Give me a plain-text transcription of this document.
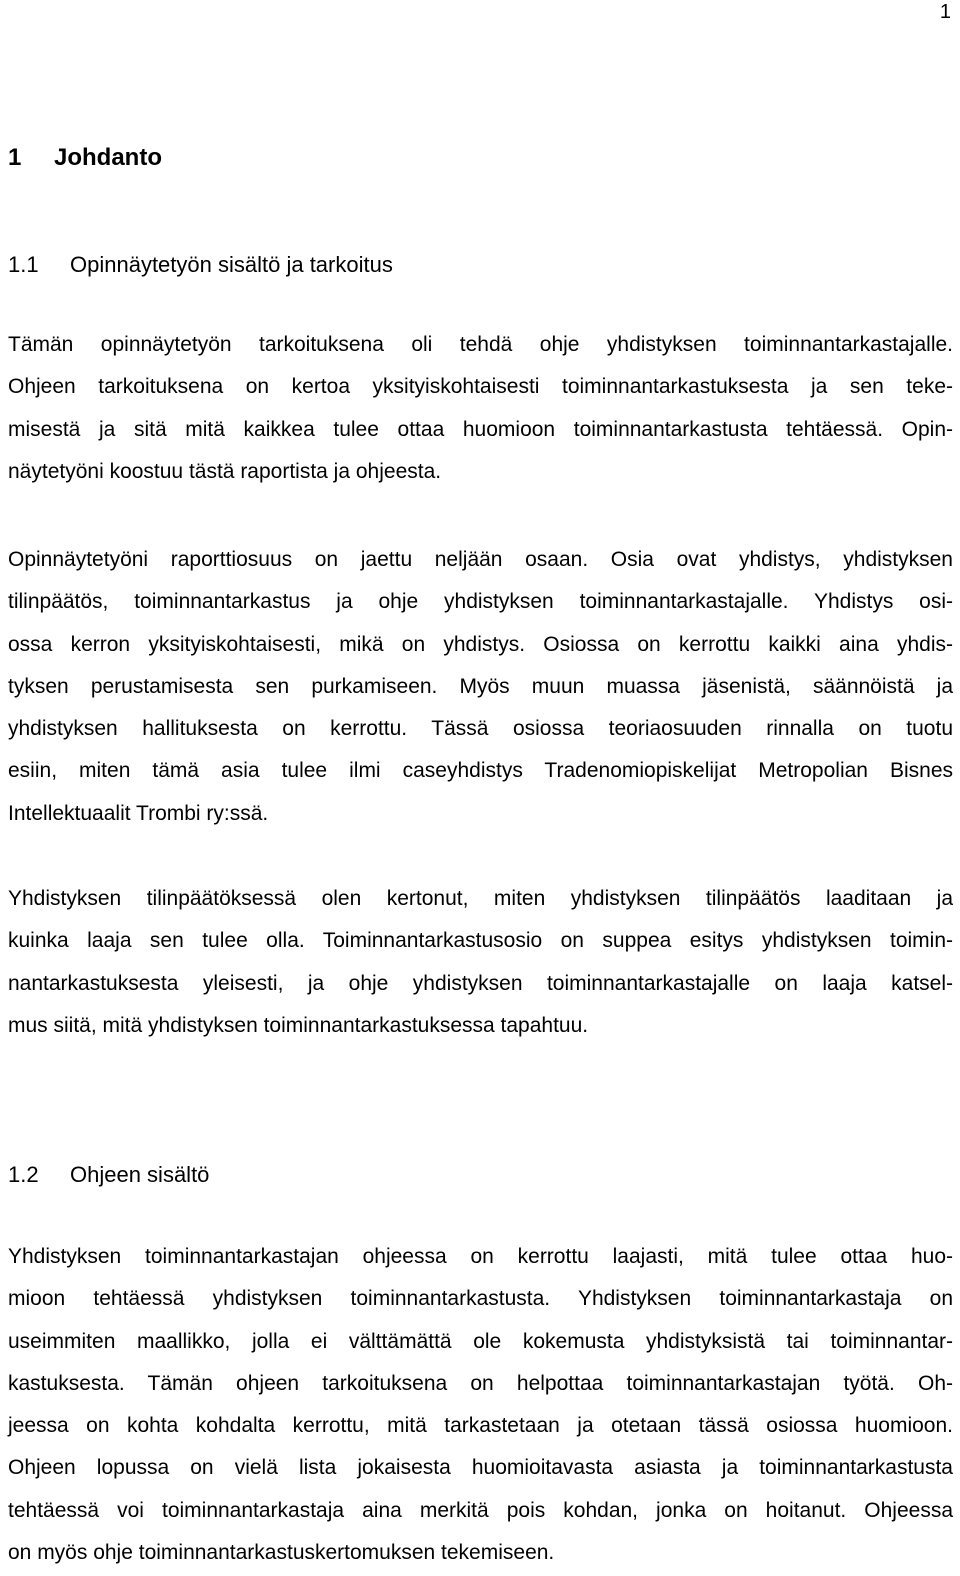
1
1 Johdanto
1.1 Opinnäytetyön sisältö ja tarkoitus
Tämän opinnäytetyön tarkoituksena oli tehdä ohje yhdistyksen toiminnantarkastajalle.
Ohjeen tarkoituksena on kertoa yksityiskohtaisesti toiminnantarkastuksesta ja sen teke-
misestä ja sitä mitä kaikkea tulee ottaa huomioon toiminnantarkastusta tehtäessä. Opin-
näytetyöni koostuu tästä raportista ja ohjeesta.
Opinnäytetyöni raporttiosuus on jaettu neljään osaan. Osia ovat yhdistys, yhdistyksen
tilinpäätös, toiminnantarkastus ja ohje yhdistyksen toiminnantarkastajalle. Yhdistys osi-
ossa kerron yksityiskohtaisesti, mikä on yhdistys. Osiossa on kerrottu kaikki aina yhdis-
tyksen perustamisesta sen purkamiseen. Myös muun muassa jäsenistä, säännöistä ja
yhdistyksen hallituksesta on kerrottu. Tässä osiossa teoriaosuuden rinnalla on tuotu
esiin, miten tämä asia tulee ilmi caseyhdistys Tradenomiopiskelijat Metropolian Bisnes
Intellektuaalit Trombi ry:ssä.
Yhdistyksen tilinpäätöksessä olen kertonut, miten yhdistyksen tilinpäätös laaditaan ja
kuinka laaja sen tulee olla. Toiminnantarkastusosio on suppea esitys yhdistyksen toimin-
nantarkastuksesta yleisesti, ja ohje yhdistyksen toiminnantarkastajalle on laaja katsel-
mus siitä, mitä yhdistyksen toiminnantarkastuksessa tapahtuu.
1.2 Ohjeen sisältö
Yhdistyksen toiminnantarkastajan ohjeessa on kerrottu laajasti, mitä tulee ottaa huo-
mioon tehtäessä yhdistyksen toiminnantarkastusta. Yhdistyksen toiminnantarkastaja on
useimmiten maallikko, jolla ei välttämättä ole kokemusta yhdistyksistä tai toiminnantar-
kastuksesta. Tämän ohjeen tarkoituksena on helpottaa toiminnantarkastajan työtä. Oh-
jeessa on kohta kohdalta kerrottu, mitä tarkastetaan ja otetaan tässä osiossa huomioon.
Ohjeen lopussa on vielä lista jokaisesta huomioitavasta asiasta ja toiminnantarkastusta
tehtäessä voi toiminnantarkastaja aina merkitä pois kohdan, jonka on hoitanut. Ohjeessa
on myös ohje toiminnantarkastuskertomuksen tekemiseen.
